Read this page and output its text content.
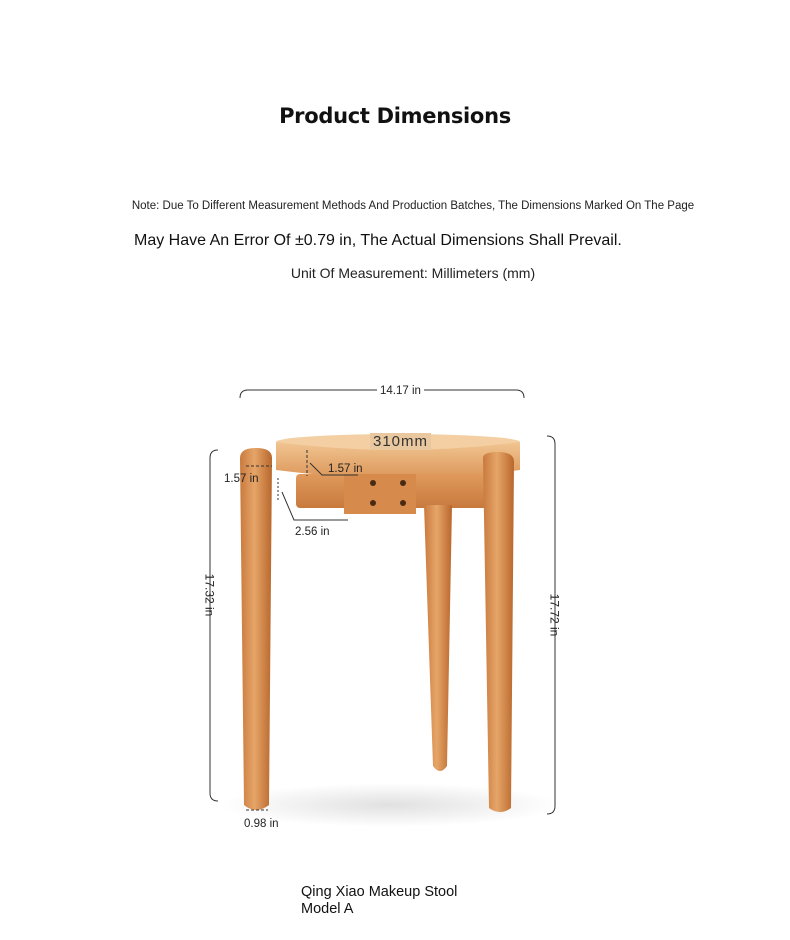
Product Dimensions
Note: Due To Different Measurement Methods And Production Batches, The Dimensions Marked On The Page
May Have An Error Of ±0.79 in, The Actual Dimensions Shall Prevail.
Unit Of Measurement: Millimeters (mm)
14.17 in
310mm
1.57 in
1.57 in
2.56 in
17.32 in	17.72 in
0.98 in
Qing Xiao Makeup Stool
Model A
